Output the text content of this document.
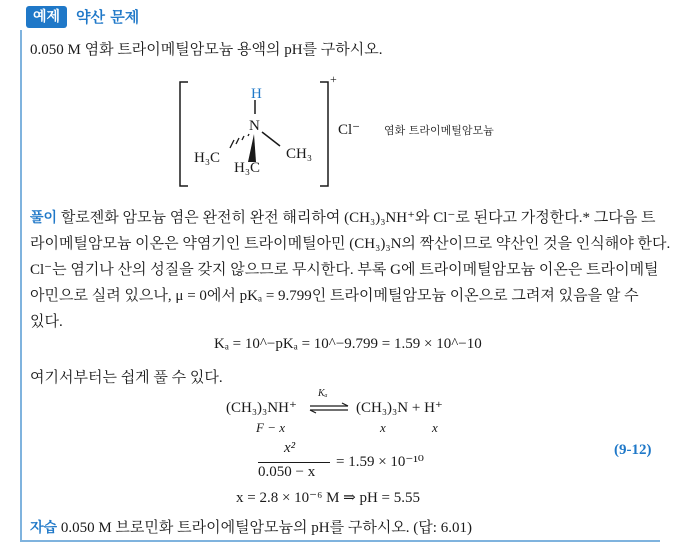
예제	약산 문제
0.050 M 염화 트라이메틸암모늄 용액의 pH를 구하시오.
H
N
H₃C
H₃C
CH₃
+
Cl⁻ 염화 트라이메틸암모늄
풀이 할로젠화 암모늄 염은 완전히 완전 해리하여 (CH₃)₃NH⁺와 Cl⁻로 된다고 가정한다.* 그다음 트
라이메틸암모늄 이온은 약염기인 트라이메틸아민 (CH₃)₃N의 짝산이므로 약산인 것을 인식해야 한다.
Cl⁻는 염기나 산의 성질을 갖지 않으므로 무시한다. 부록 G에 트라이메틸암모늄 이온은 트라이메틸
아민으로 실려 있으나, μ = 0에서 pKₐ = 9.799인 트라이메틸암모늄 이온으로 그려져 있음을 알 수
있다.
Kₐ = 10^−pKₐ = 10^−9.799 = 1.59 × 10^−10
여기서부터는 쉽게 풀 수 있다.
(CH₃)₃NH⁺
Kₐ
⇌ (CH₃)₃N + H⁺
F − x	x	x
x²
0.050 − x
= 1.59 × 10⁻¹⁰
(9-12)
x = 2.8 × 10⁻⁶ M ⇒ pH = 5.55
자습 0.050 M 브로민화 트라이에틸암모늄의 pH를 구하시오. (답: 6.01)
